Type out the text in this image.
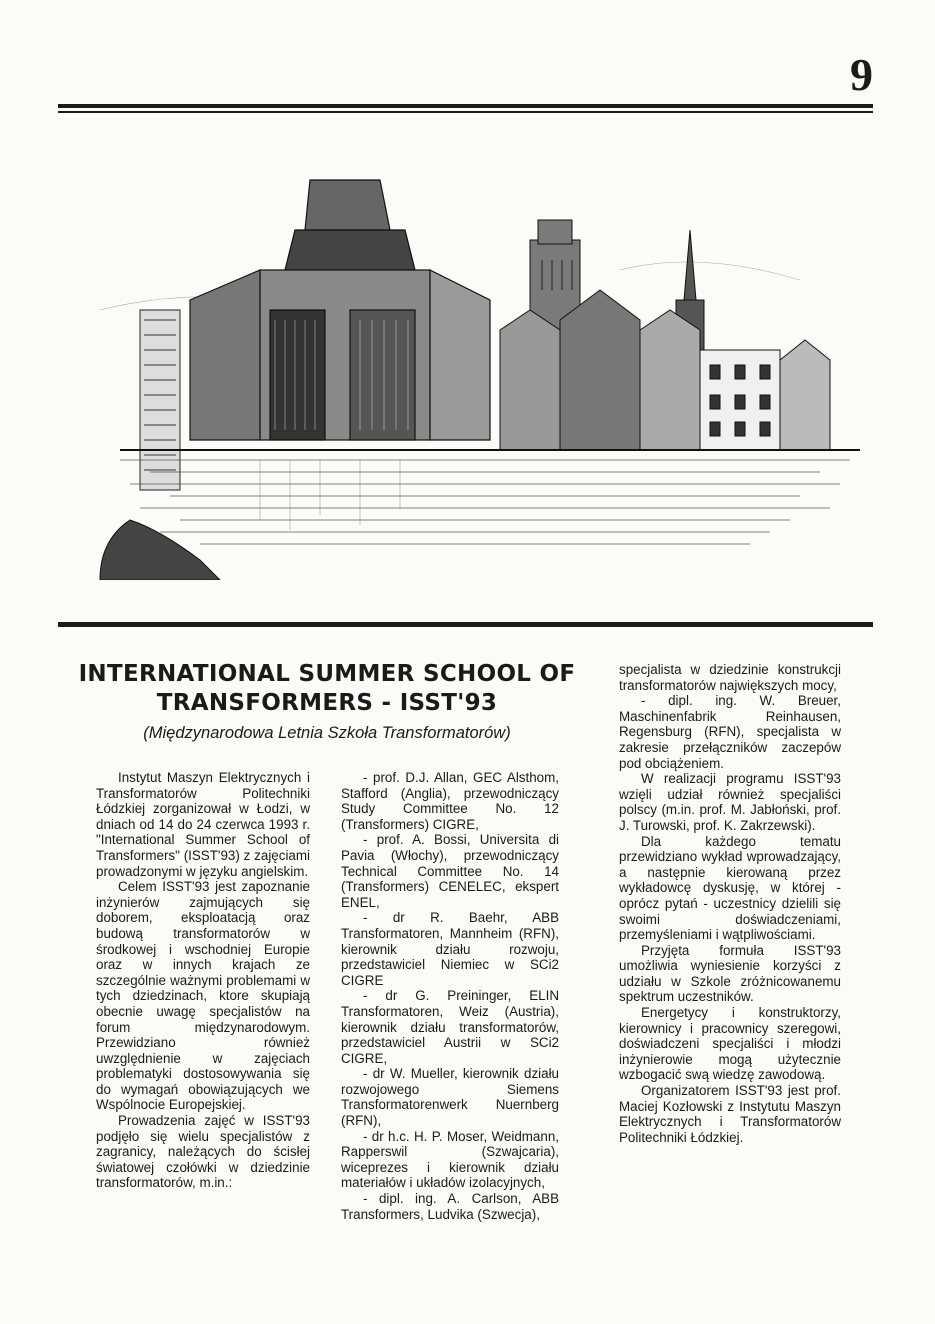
9
INTERNATIONAL SUMMER SCHOOL OF
TRANSFORMERS - ISST'93
(Międzynarodowa Letnia Szkoła Transformatorów)

Instytut Maszyn Elektrycznych i Transformatorów Politechniki Łódzkiej zorganizował w Łodzi, w dniach od 14 do 24 czerwca 1993 r. "International Summer School of Transformers" (ISST'93) z zajęciami prowadzonymi w języku angielskim.

Celem ISST'93 jest zapoznanie inżynierów zajmujących się doborem, eksploatacją oraz budową transformatorów w środkowej i wschodniej Europie oraz w innych krajach ze szczególnie ważnymi problemami w tych dziedzinach, ktore skupiają obecnie uwagę specjalistów na forum międzynarodowym. Przewidziano również uwzględnienie w zajęciach problematyki dostosowywania się do wymagań obowiązujących we Wspólnocie Europejskiej.

Prowadzenia zajęć w ISST'93 podjęło się wielu specjalistów z zagranicy, należących do ścisłej światowej czołówki w dziedzinie transformatorów, m.in.:

- prof. D.J. Allan, GEC Alsthom, Stafford (Anglia), przewodniczący Study Committee No. 12 (Transformers) CIGRE,

- prof. A. Bossi, Universita di Pavia (Włochy), przewodniczący Technical Committee No. 14 (Transformers) CENELEC, ekspert ENEL,

- dr R. Baehr, ABB Transformatoren, Mannheim (RFN), kierownik działu rozwoju, przedstawiciel Niemiec w SCi2 CIGRE

- dr G. Preininger, ELIN Transformatoren, Weiz (Austria), kierownik działu transformatorów, przedstawiciel Austrii w SCi2 CIGRE,

- dr W. Mueller, kierownik działu rozwojowego Siemens Transformatorenwerk Nuernberg (RFN),

- dr h.c. H. P. Moser, Weidmann, Rapperswil (Szwajcaria), wiceprezes i kierownik działu materiałów i układów izolacyjnych,

- dipl. ing. A. Carlson, ABB Transformers, Ludvika (Szwecja),

specjalista w dziedzinie konstrukcji transformatorów największych mocy,

- dipl. ing. W. Breuer, Maschinenfabrik Reinhausen, Regensburg (RFN), specjalista w zakresie przełączników zaczepów pod obciążeniem.

W realizacji programu ISST'93 wzięli udział również specjaliści polscy (m.in. prof. M. Jabłoński, prof. J. Turowski, prof. K. Zakrzewski).

Dla każdego tematu przewidziano wykład wprowadzający, a następnie kierowaną przez wykładowcę dyskusję, w której - oprócz pytań - uczestnicy dzielili się swoimi doświadczeniami, przemyśleniami i wątpliwościami.

Przyjęta formuła ISST'93 umożliwia wyniesienie korzyści z udziału w Szkole zróżnicowanemu spektrum uczestników.

Energetycy i konstruktorzy, kierownicy i pracownicy szeregowi, doświadczeni specjaliści i młodzi inżynierowie mogą użytecznie wzbogacić swą wiedzę zawodową.

Organizatorem ISST'93 jest prof. Maciej Kozłowski z Instytutu Maszyn Elektrycznych i Transformatorów Politechniki Łódzkiej.
